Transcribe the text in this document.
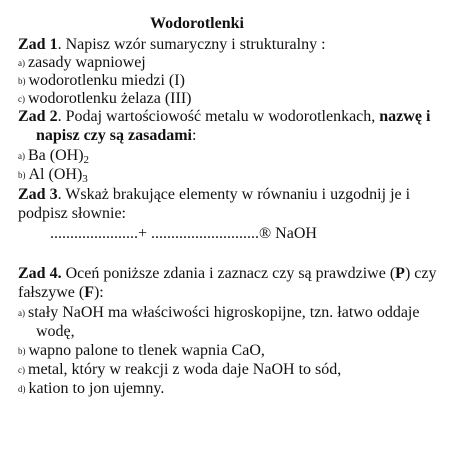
Wodorotlenki
Zad 1. Napisz wzór sumaryczny i strukturalny :
a) zasady wapniowej
b) wodorotlenku miedzi (I)
c) wodorotlenku żelaza (III)
Zad 2. Podaj wartościowość metalu w wodorotlenkach, nazwę i
napisz czy są zasadami:
a) Ba $(OH)_2$
b) Al $(OH)_3$
Zad 3. Wskaż brakujące elementy w równaniu i uzgodnij je i
podpisz słownie:
......................+ ...........................® NaOH
Zad 4. Oceń poniższe zdania i zaznacz czy są prawdziwe (P) czy
fałszywe (F):
a) stały NaOH ma właściwości higroskopijne, tzn. łatwo oddaje
wodę,
b) wapno palone to tlenek wapnia CaO,
c) metal, który w reakcji z woda daje NaOH to sód,
d) kation to jon ujemny.
